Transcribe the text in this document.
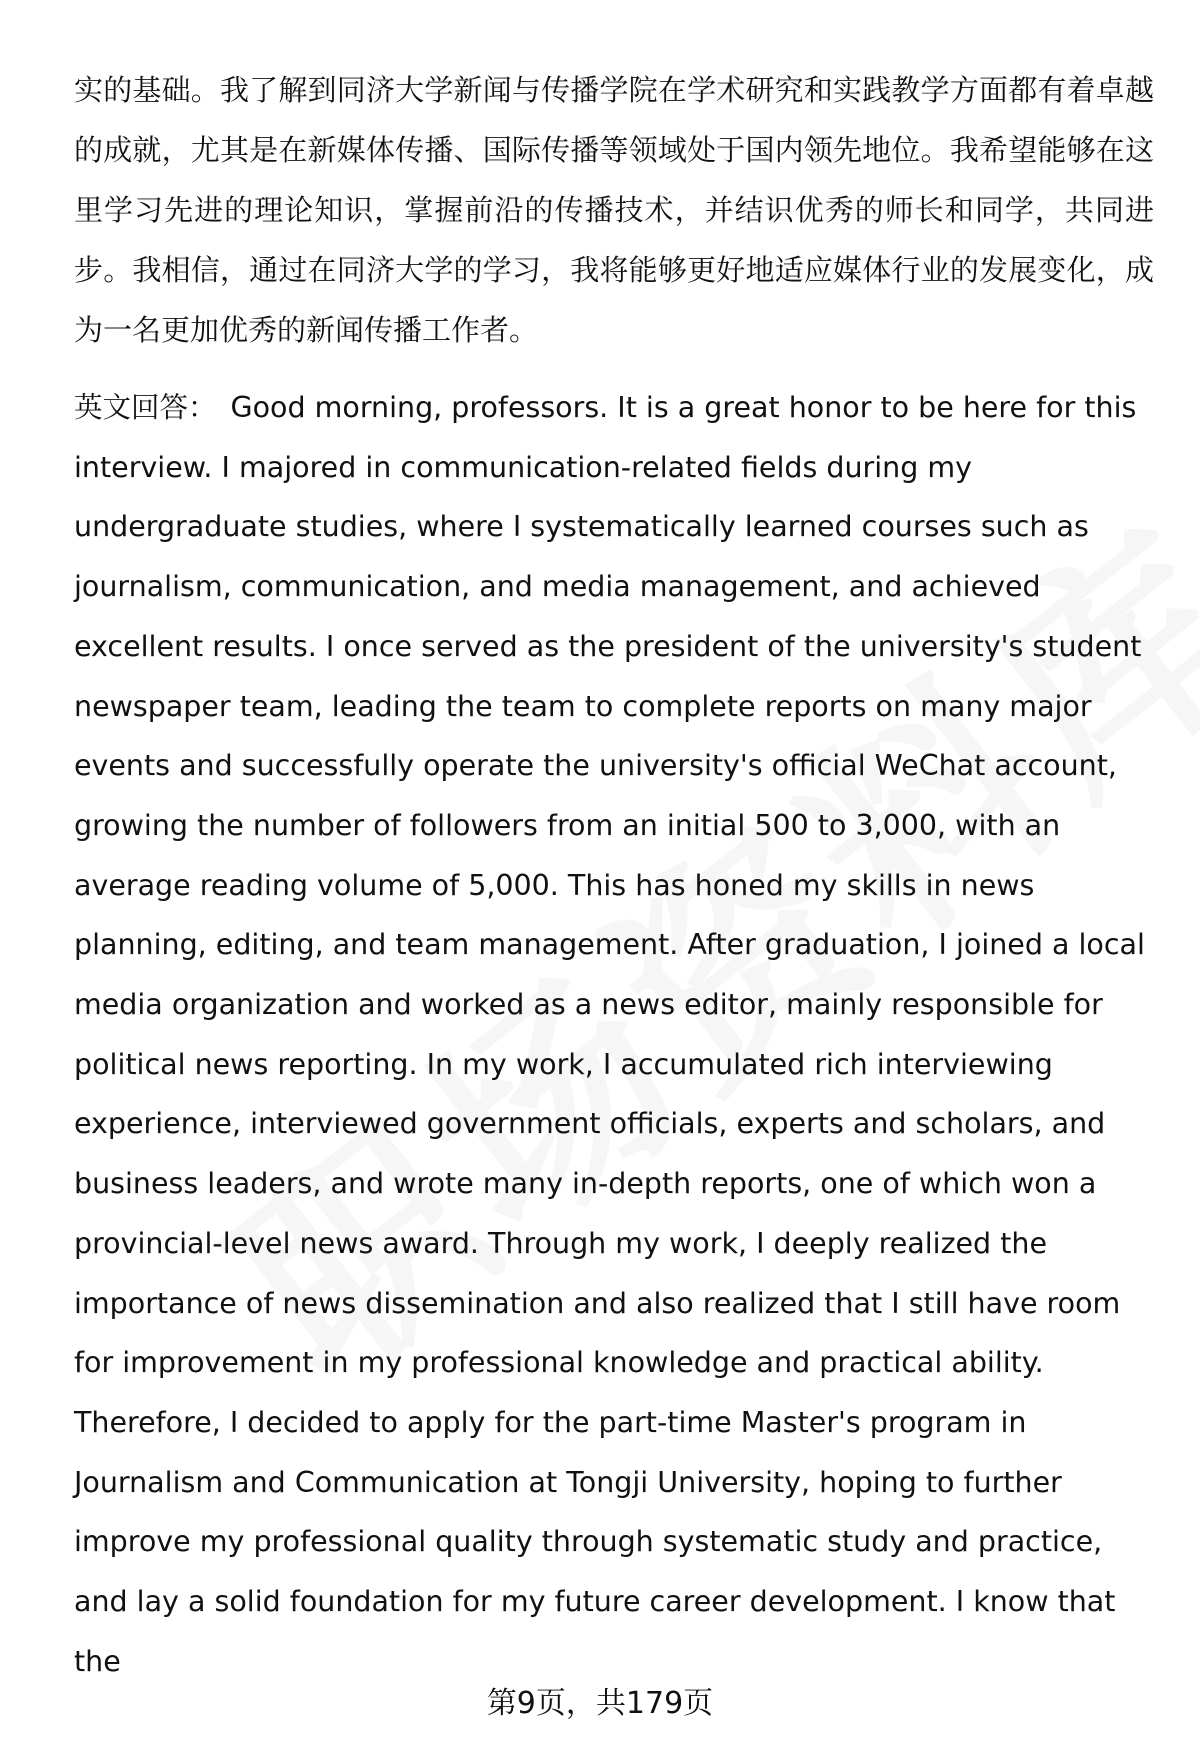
实的基础。我了解到同济大学新闻与传播学院在学术研究和实践教学方面都有着卓越的成就，尤其是在新媒体传播、国际传播等领域处于国内领先地位。我希望能够在这里学习先进的理论知识，掌握前沿的传播技术，并结识优秀的师长和同学，共同进步。我相信，通过在同济大学的学习，我将能够更好地适应媒体行业的发展变化，成为一名更加优秀的新闻传播工作者。

英文回答： Good morning, professors. It is a great honor to be here for this interview. I majored in communication-related fields during my undergraduate studies, where I systematically learned courses such as journalism, communication, and media management, and achieved excellent results. I once served as the president of the university's student newspaper team, leading the team to complete reports on many major events and successfully operate the university's official WeChat account, growing the number of followers from an initial 500 to 3,000, with an average reading volume of 5,000. This has honed my skills in news planning, editing, and team management. After graduation, I joined a local media organization and worked as a news editor, mainly responsible for political news reporting. In my work, I accumulated rich interviewing experience, interviewed government officials, experts and scholars, and business leaders, and wrote many in-depth reports, one of which won a provincial-level news award. Through my work, I deeply realized the importance of news dissemination and also realized that I still have room for improvement in my professional knowledge and practical ability. Therefore, I decided to apply for the part-time Master's program in Journalism and Communication at Tongji University, hoping to further improve my professional quality through systematic study and practice, and lay a solid foundation for my future career development. I know that the

第9页，共179页
